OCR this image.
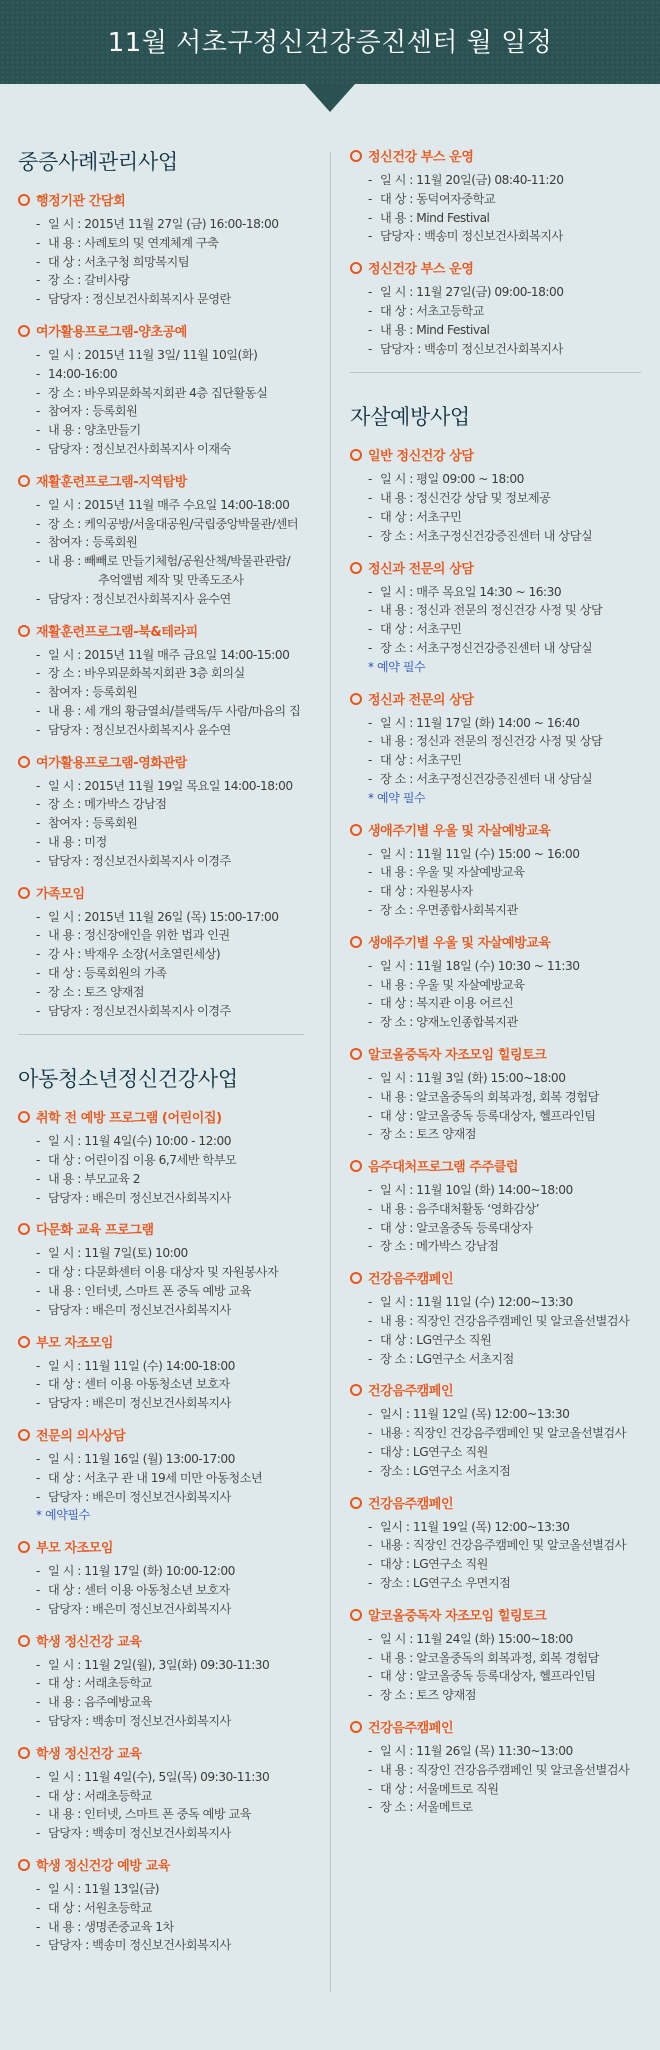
11월 서초구정신건강증진센터 월 일정
중증사례관리사업
행정기관 간담회
- 일 시 : 2015년 11월 27일 (금) 16:00-18:00
- 내 용 : 사례토의 및 연계체계 구축
- 대 상 : 서초구청 희망복지팀
- 장 소 : 갈비사랑
- 담당자 : 정신보건사회복지사 문영란
여가활용프로그램-양초공예
- 일 시 : 2015년 11월 3일/ 11월 10일(화)
- 14:00-16:00
- 장 소 : 바우뫼문화복지회관 4층 집단활동실
- 참여자 : 등록회원
- 내 용 : 양초만들기
- 담당자 : 정신보건사회복지사 이재숙
재활훈련프로그램-지역탐방
- 일 시 : 2015년 11월 매주 수요일 14:00-18:00
- 장 소 : 케익공방/서울대공원/국립중앙박물관/센터
- 참여자 : 등록회원
- 내 용 : 빼빼로 만들기체험/공원산책/박물관관람/
추억앨범 제작 및 만족도조사
- 담당자 : 정신보건사회복지사 윤수연
재활훈련프로그램-북&테라피
- 일 시 : 2015년 11월 매주 금요일 14:00-15:00
- 장 소 : 바우뫼문화복지회관 3층 회의실
- 참여자 : 등록회원
- 내 용 : 세 개의 황금열쇠/블랙독/두 사람/마음의 집
- 담당자 : 정신보건사회복지사 윤수연
여가활용프로그램-영화관람
- 일 시 : 2015년 11월 19일 목요일 14:00-18:00
- 장 소 : 메가박스 강남점
- 참여자 : 등록회원
- 내 용 : 미정
- 담당자 : 정신보건사회복지사 이경주
가족모임
- 일 시 : 2015년 11월 26일 (목) 15:00-17:00
- 내 용 : 정신장애인을 위한 법과 인권
- 강 사 : 박재우 소장(서초열린세상)
- 대 상 : 등록회원의 가족
- 장 소 : 토즈 양재점
- 담당자 : 정신보건사회복지사 이경주
아동청소년정신건강사업
취학 전 예방 프로그램 (어린이집)
- 일 시 : 11월 4일(수) 10:00 - 12:00
- 대 상 : 어린이집 이용 6,7세반 학부모
- 내 용 : 부모교육 2
- 담당자 : 배은미 정신보건사회복지사
다문화 교육 프로그램
- 일 시 : 11월 7일(토) 10:00
- 대 상 : 다문화센터 이용 대상자 및 자원봉사자
- 내 용 : 인터넷, 스마트 폰 중독 예방 교육
- 담당자 : 배은미 정신보건사회복지사
부모 자조모임
- 일 시 : 11월 11일 (수) 14:00-18:00
- 대 상 : 센터 이용 아동청소년 보호자
- 담당자 : 배은미 정신보건사회복지사
전문의 의사상담
- 일 시 : 11월 16일 (월) 13:00-17:00
- 대 상 : 서초구 관 내 19세 미만 아동청소년
- 담당자 : 배은미 정신보건사회복지사
* 예약필수
부모 자조모임
- 일 시 : 11월 17일 (화) 10:00-12:00
- 대 상 : 센터 이용 아동청소년 보호자
- 담당자 : 배은미 정신보건사회복지사
학생 정신건강 교육
- 일 시 : 11월 2일(월), 3일(화) 09:30-11:30
- 대 상 : 서래초등학교
- 내 용 : 음주예방교육
- 담당자 : 백송미 정신보건사회복지사
학생 정신건강 교육
- 일 시 : 11월 4일(수), 5일(목) 09:30-11:30
- 대 상 : 서래초등학교
- 내 용 : 인터넷, 스마트 폰 중독 예방 교육
- 담당자 : 백송미 정신보건사회복지사
학생 정신건강 예방 교육
- 일 시 : 11월 13일(금)
- 대 상 : 서원초등학교
- 내 용 : 생명존중교육 1차
- 담당자 : 백송미 정신보건사회복지사
정신건강 부스 운영
- 일 시 : 11월 20일(금) 08:40-11:20
- 대 상 : 동덕여자중학교
- 내 용 : Mind Festival
- 담당자 : 백송미 정신보건사회복지사
정신건강 부스 운영
- 일 시 : 11월 27일(금) 09:00-18:00
- 대 상 : 서초고등학교
- 내 용 : Mind Festival
- 담당자 : 백송미 정신보건사회복지사
자살예방사업
일반 정신건강 상담
- 일 시 : 평일 09:00 ~ 18:00
- 내 용 : 정신건강 상담 및 정보제공
- 대 상 : 서초구민
- 장 소 : 서초구정신건강증진센터 내 상담실
정신과 전문의 상담
- 일 시 : 매주 목요일 14:30 ~ 16:30
- 내 용 : 정신과 전문의 정신건강 사정 및 상담
- 대 상 : 서초구민
- 장 소 : 서초구정신건강증진센터 내 상담실
* 예약 필수
정신과 전문의 상담
- 일 시 : 11월 17일 (화) 14:00 ~ 16:40
- 내 용 : 정신과 전문의 정신건강 사정 및 상담
- 대 상 : 서초구민
- 장 소 : 서초구정신건강증진센터 내 상담실
* 예약 필수
생애주기별 우울 및 자살예방교육
- 일 시 : 11월 11일 (수) 15:00 ~ 16:00
- 내 용 : 우울 및 자살예방교육
- 대 상 : 자원봉사자
- 장 소 : 우면종합사회복지관
생애주기별 우울 및 자살예방교육
- 일 시 : 11월 18일 (수) 10:30 ~ 11:30
- 내 용 : 우울 및 자살예방교육
- 대 상 : 복지관 이용 어르신
- 장 소 : 양재노인종합복지관
알코올중독자 자조모임 힐링토크
- 일 시 : 11월 3일 (화) 15:00~18:00
- 내 용 : 알코올중독의 회복과정, 회복 경험담
- 대 상 : 알코올중독 등록대상자, 헬프라인팀
- 장 소 : 토즈 양재점
음주대처프로그램 주주클럽
- 일 시 : 11월 10일 (화) 14:00~18:00
- 내 용 : 음주대처활동 ‘영화감상’
- 대 상 : 알코올중독 등록대상자
- 장 소 : 메가박스 강남점
건강음주캠페인
- 일 시 : 11월 11일 (수) 12:00~13:30
- 내 용 : 직장인 건강음주캠페인 및 알코올선별검사
- 대 상 : LG연구소 직원
- 장 소 : LG연구소 서초지점
건강음주캠페인
- 일시 : 11월 12일 (목) 12:00~13:30
- 내용 : 직장인 건강음주캠페인 및 알코올선별검사
- 대상 : LG연구소 직원
- 장소 : LG연구소 서초지점
건강음주캠페인
- 일시 : 11월 19일 (목) 12:00~13:30
- 내용 : 직장인 건강음주캠페인 및 알코올선별검사
- 대상 : LG연구소 직원
- 장소 : LG연구소 우면지점
알코올중독자 자조모임 힐링토크
- 일 시 : 11월 24일 (화) 15:00~18:00
- 내 용 : 알코올중독의 회복과정, 회복 경험담
- 대 상 : 알코올중독 등록대상자, 헬프라인팀
- 장 소 : 토즈 양재점
건강음주캠페인
- 일 시 : 11월 26일 (목) 11:30~13:00
- 내 용 : 직장인 건강음주캠페인 및 알코올선별검사
- 대 상 : 서울메트로 직원
- 장 소 : 서울메트로
